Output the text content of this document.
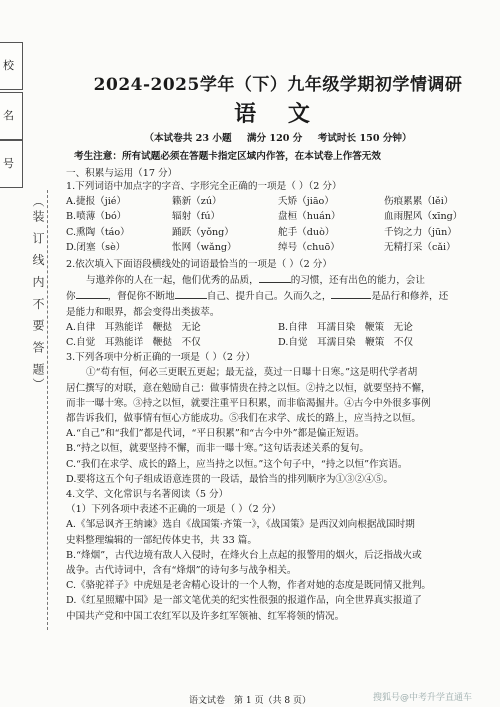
校
名
号
（装 订 线 内 不 要 答 题）

2024-2025学年（下）九年级学期初学情调研

语 文

（本试卷共 23 小题 满分 120 分 考试时长 150 分钟）

考生注意：所有试题必须在答题卡指定区域内作答，在本试卷上作答无效

一、积累与运用（17 分）

1.下列词语中加点字的字音、字形完全正确的一项是（ ）（2 分）

A.捷报（jié）	籁新（zú）	夭矫（jiāo）	伤痕累累（lěi）
B.喷薄（bó）	辐射（fú）	盘桓（huán）	血雨腥风（xīng）
C.熏陶（táo）	踊跃（yǒng）	舵手（duò）	千钧之力（jūn）
D.闭塞（sè）	怅网（wǎng）	绰号（chuō）	无精打采（cǎi）

2.依次填入下面语段横线处的词语最恰当的一项是（ ）（2 分）

与遨养你的人在一起，他们优秀的品质，	的习惯，还有出色的能力，会让

你	，督促你不断地	自己、提升自己。久而久之，	是品行和修养，还

是能力和眼界，都会变得出类拔萃。

A.自律　耳熟能详　鞭挞　无论	B.自律　耳濡目染　鞭策　无论
C.自觉　耳熟能详　鞭挞　不仅	D.自觉　耳濡目染　鞭策　不仅

3.下列各项中分析正确的一项是（ ）（2 分）

①“苟有恒，何必三更眠五更起；最无益，莫过一日曝十日寒。”这是明代学者胡

居仁撰写的对联，意在勉励自己：做事情贵在持之以恒。②持之以恒，就要坚持不懈，

而非一曝十寒。③持之以恒，就要注重平日积累，而非临渴掘井。④古今中外很多事例

都告诉我们，做事情有恒心方能成功。⑤我们在求学、成长的路上，应当持之以恒。

A.“自己”和“我们”都是代词，“平日积累”和“古今中外”都是偏正短语。

B.“持之以恒，就要坚持不懈，而非一曝十寒。”这句话表述关系的复句。

C.“我们在求学、成长的路上，应当持之以恒。”这个句子中，“持之以恒”作宾语。

D.要将这五个句子组成语意连贯的一段话，最恰当的排列顺序为①③②④⑤。

4.文学、文化常识与名著阅读（5 分）

（1）下列各项中表述不正确的一项是（ ）（2 分）

A.《邹忌讽齐王纳谏》选自《战国策·齐策一》，《战国策》是西汉刘向根据战国时期

史料整理编辑的一部纪传体史书，共 33 篇。

B.“烽烟”，古代边境有敌人入侵时，在烽火台上点起的报警用的烟火，后泛指战火或

战争。古代诗词中，含有“烽烟”的诗句多与战争相关。

C.《骆驼祥子》中虎妞是老舍精心设计的一个人物，作者对她的态度是既同情又批判。

D.《红星照耀中国》是一部文笔优美的纪实性很强的报道作品，向全世界真实报道了

中国共产党和中国工农红军以及许多红军领袖、红军将领的情况。

语文试卷　第 1 页（共 8 页）	搜狐号@中考升学直通车
